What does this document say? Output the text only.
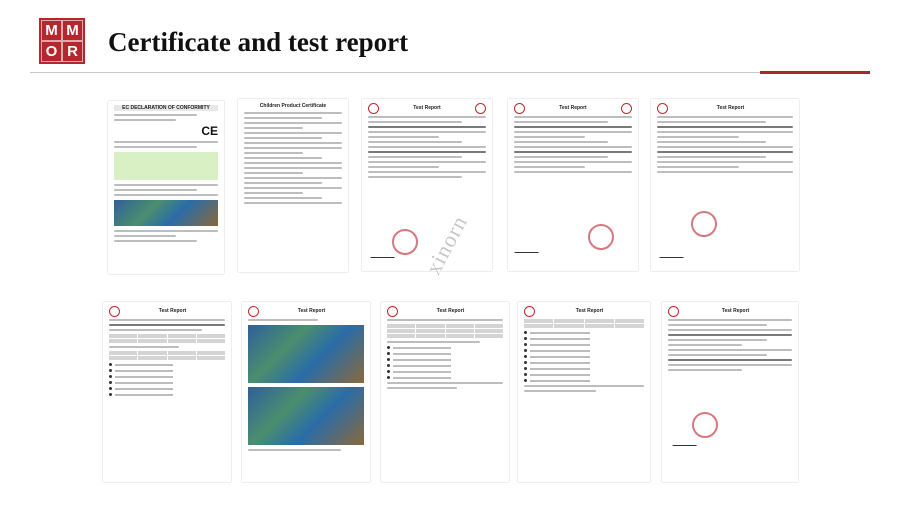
M M
O R Certificate and test report
EC DECLARATION OF CONFORMITY
CE
Children Product Certificate	Test Report	Test Report	Test Report
Test Report	Test Report	Test Report	Test Report	Test Report
xinorn
